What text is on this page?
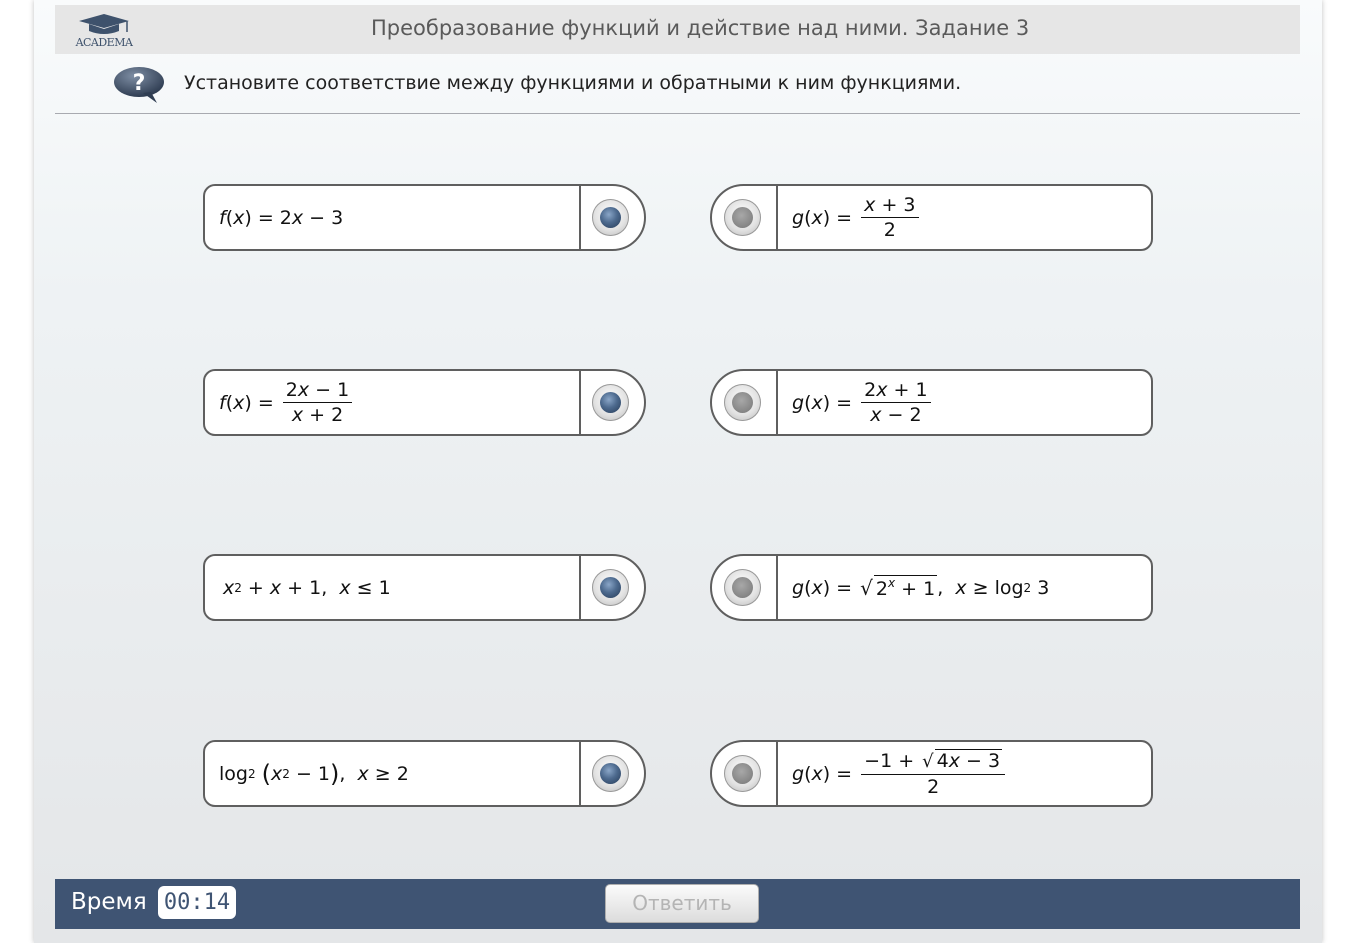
ACADEMA
Преобразование функций и действие над ними. Задание 3
? Установите соответствие между функциями и обратными к ним функциями.
f ( x ) = 2 x − 3	g ( x ) = $\frac{x + 3}{2}$
f ( x ) = $\frac{2x - 1}{x + 2}$	g ( x ) = $\frac{2x + 1}{x - 2}$
x 2 + x + 1, x ≤ 1	g ( x ) = √ $2^x + 1$ , x ≥ log 2 3
log 2
( x 2 − 1 ) , x ≥ 2	g ( x ) = $\frac{-1 + √ 4x - 3}{2}$
Время 00:14	Ответить
